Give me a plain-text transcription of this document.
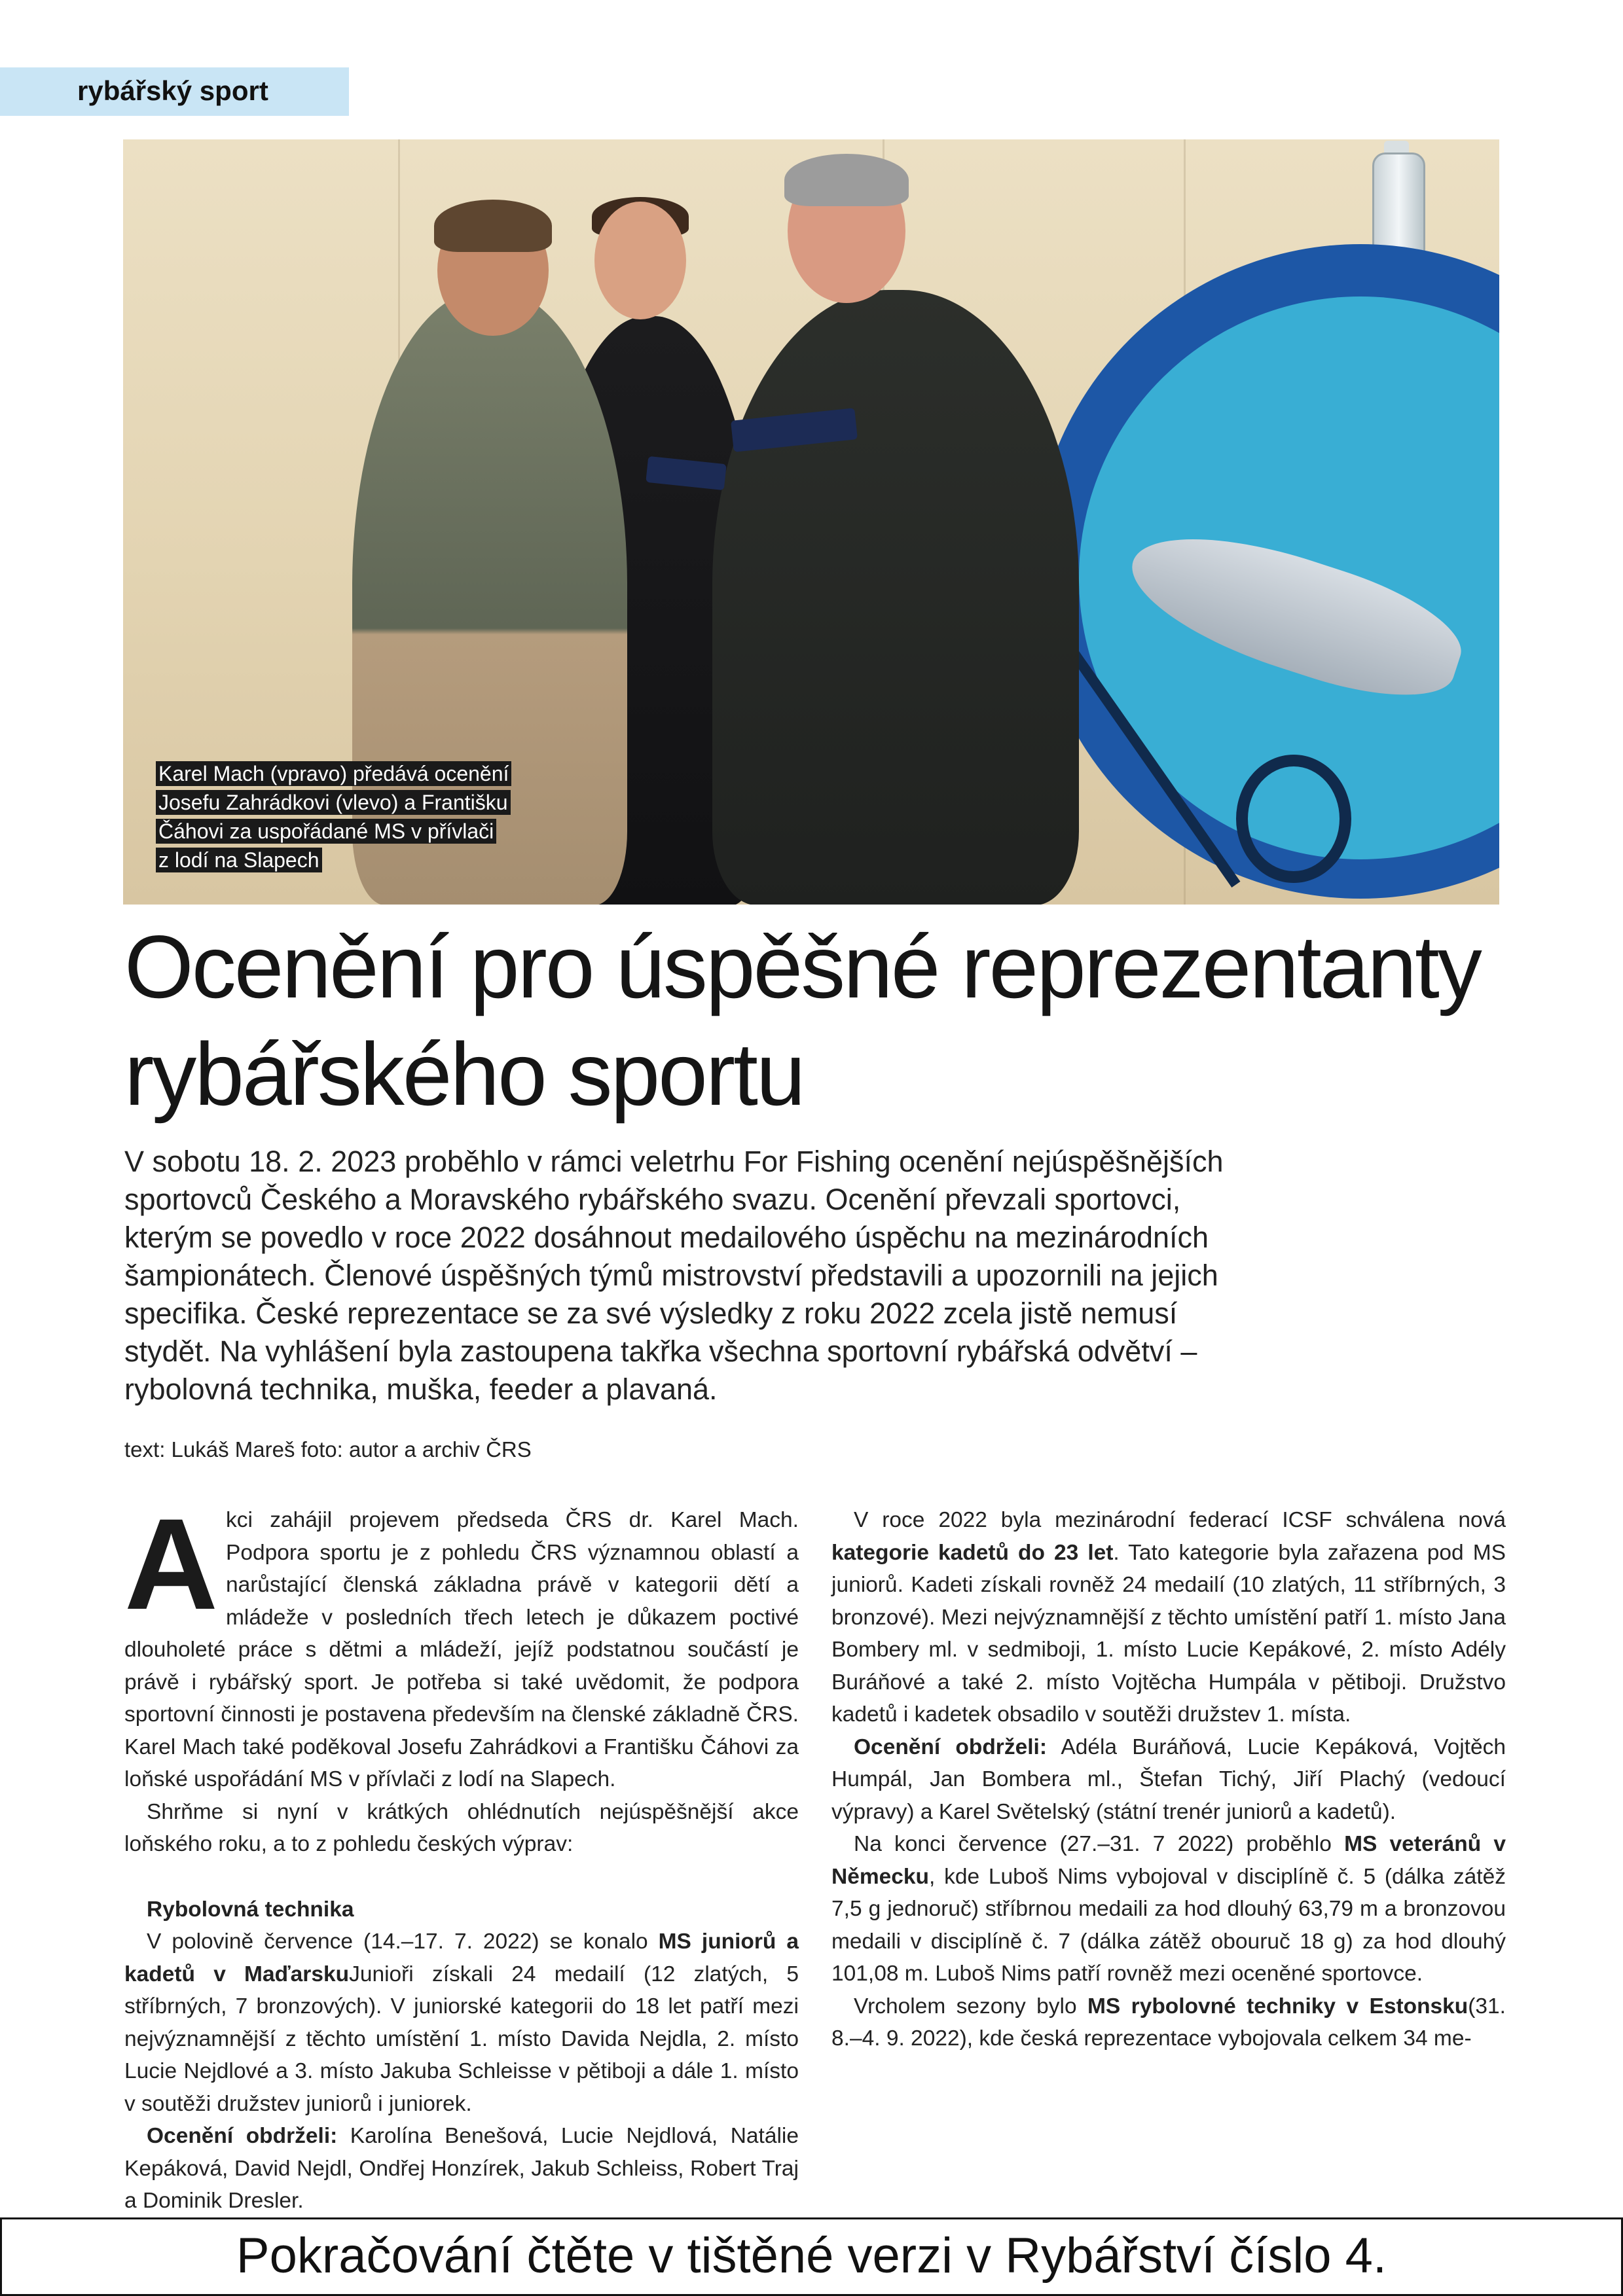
rybářský sport
Karel Mach (vpravo) předává ocenění
Josefu Zahrádkovi (vlevo) a Františku
Čáhovi za uspořádané MS v přívlači
z lodí na Slapech
Ocenění pro úspěšné reprezentanty
rybářského sportu

V sobotu 18. 2. 2023 proběhlo v rámci veletrhu For Fishing ocenění nejúspěšnějších sportovců Českého a Moravského rybářského svazu. Ocenění převzali sportovci, kterým se povedlo v roce 2022 dosáhnout medailového úspěchu na mezinárodních šampionátech. Členové úspěšných týmů mistrovství představili a upozornili na jejich specifika. České reprezentace se za své výsledky z roku 2022 zcela jistě nemusí stydět. Na vyhlášení byla zastoupena takřka všechna sportovní rybářská odvětví – rybolovná technika, muška, feeder a plavaná.

text: Lukáš Mareš foto: autor a archiv ČRS

Akci zahájil projevem předseda ČRS dr. Karel Mach. Podpora sportu je z pohledu ČRS významnou oblastí a narůstající členská základna právě v kategorii dětí a mládeže v posledních třech letech je důkazem poctivé dlouholeté práce s dětmi a mládeží, jejíž podstatnou součástí je právě i rybářský sport. Je potřeba si také uvědomit, že podpora sportovní činnosti je postavena především na členské základně ČRS. Karel Mach také poděkoval Josefu Zahrádkovi a Františku Čáhovi za loňské uspořádání MS v přívlači z lodí na Slapech.

Shrňme si nyní v krátkých ohlédnutích nejúspěšnější akce loňského roku, a to z pohledu českých výprav:

Rybolovná technika

V polovině července (14.–17. 7. 2022) se konalo MS juniorů a kadetů v MaďarskuJunioři získali 24 medailí (12 zlatých, 5 stříbrných, 7 bronzových). V juniorské kategorii do 18 let patří mezi nejvýznamnější z těchto umístění 1. místo Davida Nejdla, 2. místo Lucie Nejdlové a 3. místo Jakuba Schleisse v pětiboji a dále 1. místo v soutěži družstev juniorů i juniorek.

Ocenění obdrželi: Karolína Benešová, Lucie Nejdlová, Natálie Kepáková, David Nejdl, Ondřej Honzírek, Jakub Schleiss, Robert Traj a Dominik Dresler.

V roce 2022 byla mezinárodní federací ICSF schválena nová kategorie kadetů do 23 let. Tato kategorie byla zařazena pod MS juniorů. Kadeti získali rovněž 24 medailí (10 zlatých, 11 stříbrných, 3 bronzové). Mezi nejvýznamnější z těchto umístění patří 1. místo Jana Bombery ml. v sedmiboji, 1. místo Lucie Kepákové, 2. místo Adély Buráňové a také 2. místo Vojtěcha Humpála v pětiboji. Družstvo kadetů i kadetek obsadilo v soutěži družstev 1. místa.

Ocenění obdrželi: Adéla Buráňová, Lucie Kepáková, Vojtěch Humpál, Jan Bombera ml., Štefan Tichý, Jiří Plachý (vedoucí výpravy) a Karel Světelský (státní trenér juniorů a kadetů).

Na konci července (27.–31. 7 2022) proběhlo MS veteránů v Německu, kde Luboš Nims vybojoval v disciplíně č. 5 (dálka zátěž 7,5 g jednoruč) stříbrnou medaili za hod dlouhý 63,79 m a bronzovou medaili v disciplíně č. 7 (dálka zátěž obouruč 18 g) za hod dlouhý 101,08 m. Luboš Nims patří rovněž mezi oceněné sportovce.

Vrcholem sezony bylo MS rybolovné techniky v Estonsku(31. 8.–4. 9. 2022), kde česká reprezentace vybojovala celkem 34 me-

Pokračování čtěte v tištěné verzi v Rybářství číslo 4.
